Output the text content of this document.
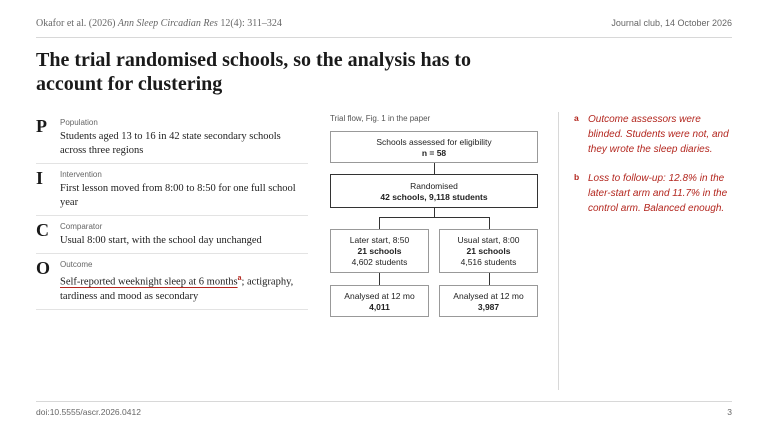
Okafor et al. (2026) Ann Sleep Circadian Res 12(4): 311–324	Journal club, 14 October 2026
The trial randomised schools, so the analysis has to account for clustering
P Population
Students aged 13 to 16 in 42 state secondary schools across three regions
I Intervention
First lesson moved from 8:00 to 8:50 for one full school year
C Comparator
Usual 8:00 start, with the school day unchanged
O Outcome
Self-reported weeknight sleep at 6 months$^a$; actigraphy, tardiness and mood as secondary
Trial flow, Fig. 1 in the paper
Schools assessed for eligibility
n = 58
Randomised
42 schools, 9,118 students
Later start, 8:50
21 schools
4,602 students
Usual start, 8:00
21 schools
4,516 students
Analysed at 12 mo
4,011
Analysed at 12 mo
3,987
a Outcome assessors were blinded. Students were not, and they wrote the sleep diaries.
b Loss to follow-up: 12.8% in the later-start arm and 11.7% in the control arm. Balanced enough.
doi:10.5555/ascr.2026.0412	3
